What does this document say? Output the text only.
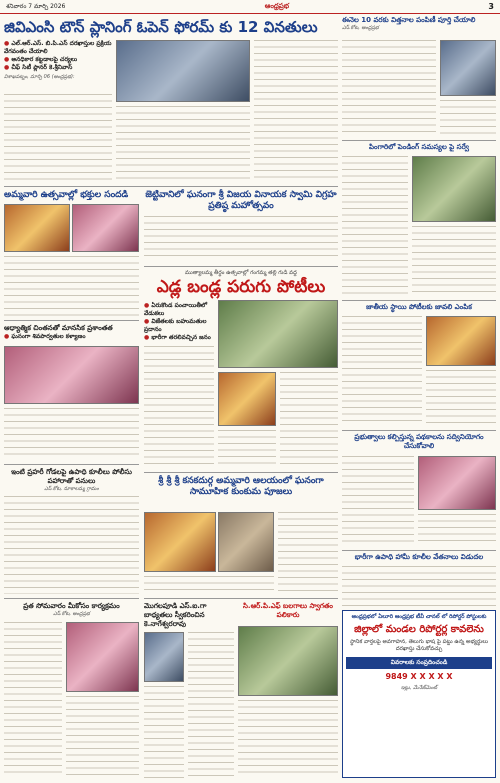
శనివారం 7 మార్చి 2026	ఆంధ్రప్రభ	3
జివిఎంసి టౌన్ ప్లానింగ్ ఓపెన్ ఫోరమ్ కు 12 వినతులు
● ఎల్.ఆర్.ఎస్. బి.పి.ఎస్ దరఖాస్తుల ప్రక్రియ వేగవంతం చేయాలి
● అనధికార కట్టడాలపై చర్యలు
● చీఫ్ సిటీ ప్లానర్ కె.శ్రీనివాస్
విశాఖపట్నం, మార్చి 06 (ఆంధ్రప్రభ):
అమ్మవారి ఉత్సవాల్లో భక్తుల సందడి	జెట్టివానిలో ఘనంగా శ్రీ విజయ వినాయక స్వామి విగ్రహ ప్రతిష్ఠ మహోత్సవం
ముత్యాలమ్మ తీర్థం ఉత్సవాల్లో గంగమ్మ తల్లి గుడి వద్ద
ఎడ్ల బండ్ల పరుగు పోటీలు
● ఏరుకొండ పంచాయితీలో వేడుకలు
● విజేతలకు బహుమతుల ప్రదానం
● భారీగా తరలివచ్చిన జనం
ఆధ్యాత్మిక చింతనతో మానసిక ప్రశాంతత
● ఘనంగా శివపార్వతుల కళ్యాణం
ఇంటి ప్రహరీ గోడలపై ఉపాధి కూలీలు పోలీసు పహారాతో పనులు
ఎస్.కోట, నూకాలమ్మ గ్రామం
శ్రీ శ్రీ శ్రీ కనకదుర్గ అమ్మవారి ఆలయంలో ఘనంగా సామూహిక కుంకుమ పూజలు
ప్రత సోమవారం మీకోసం కార్యక్రమం
ఎస్.కోట, ఆంధ్రప్రభ
మొగలపూడి ఎస్.ఐ.గా బాధ్యతలు స్వీకరించిన కె.నాగేశ్వరరావు
సి.ఆర్.పి.ఎఫ్ బలగాలు స్వాగతం పలికారు
ఈనెల 10 వరకు విత్తనాల పంపిణీ పూర్తి చేయాలి
ఎస్.కోట, ఆంధ్రప్రభ
పింగారిలో పెండింగ్ సమస్యల పై సర్వే
జాతీయ స్థాయి పోటీలకు జావలి ఎంపిక
ప్రభుత్వాలు కల్పిస్తున్న పథకాలను సద్వినియోగం చేసుకోవాలి
భారీగా ఉపాధి హామీ కూలీల వేతనాలు విడుదల
ఆంధ్రప్రభలో ఏలూరి ఆంధ్రప్రభ టీవీ చానల్ లో రిపోర్టర్ పోస్టులకు
జిల్లాలో మండల రిపోర్టర్ల కావలెను
స్థానిక వార్తలపై అవగాహన, తెలుగు భాష పై పట్టు ఉన్న అభ్యర్థులు దరఖాస్తు చేసుకోవచ్చు
వివరాలకు సంప్రదించండి
9849 X X X X X
ఇట్లు, మేనేజ్‌మెంట్
